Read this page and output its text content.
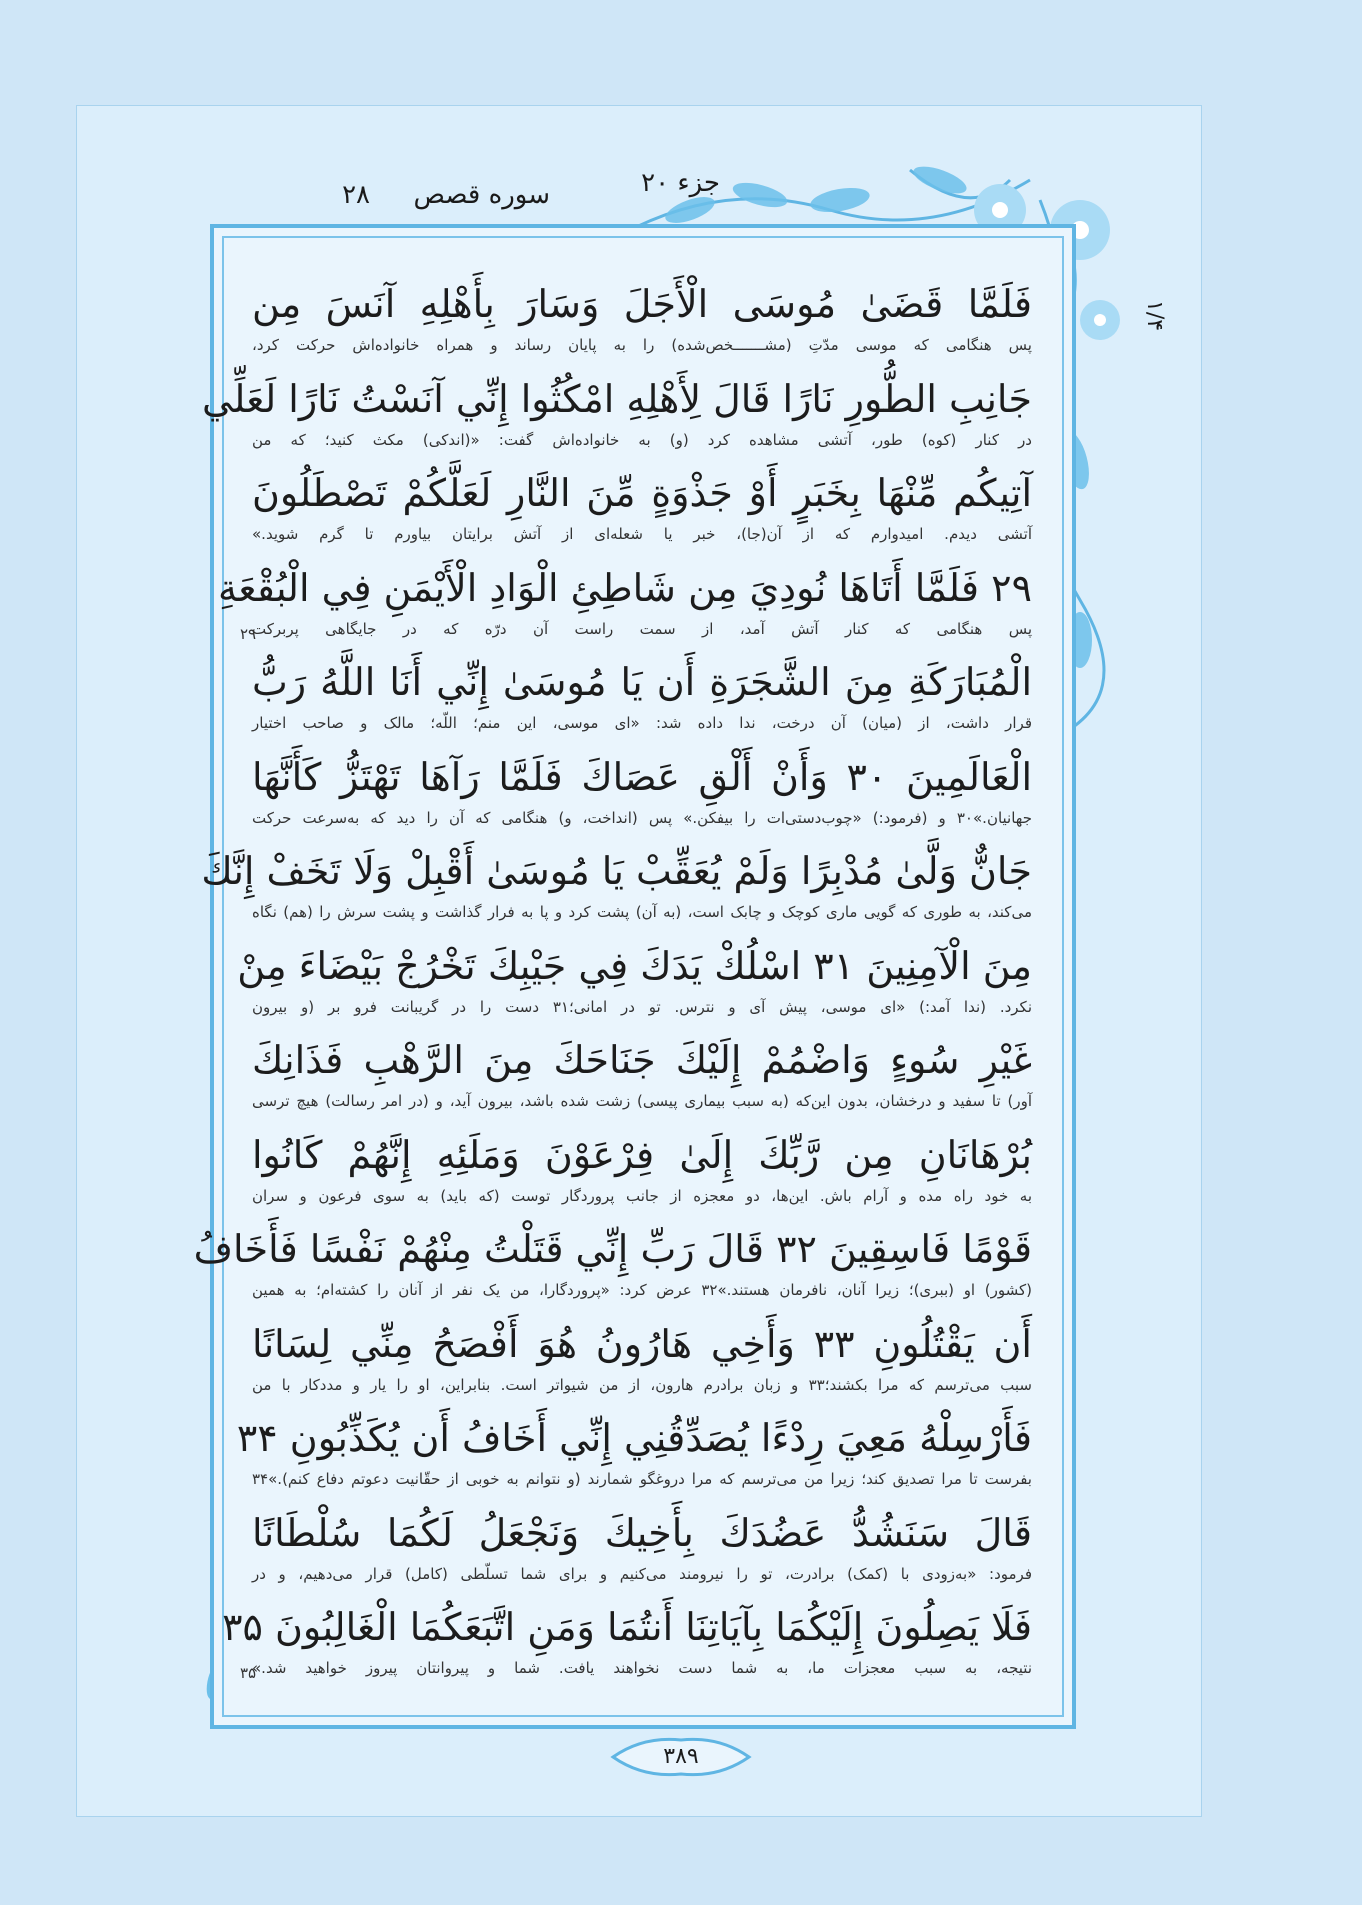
جزء ۲۰
سوره قصص
۲۸
۱/۴
فَلَمَّا قَضَىٰ مُوسَى الْأَجَلَ وَسَارَ بِأَهْلِهِ آنَسَ مِن
پس هنگامی که موسی مدّتِ (مشـــــــخص‌شده) را به پایان رساند و همراه خانواده‌اش حرکت کرد،
جَانِبِ الطُّورِ نَارًا قَالَ لِأَهْلِهِ امْكُثُوا إِنِّي آنَسْتُ نَارًا لَعَلِّي
در کنار (کوه) طور، آتشی مشاهده کرد (و) به خانواده‌اش گفت: «(اندکی) مکث کنید؛ که من
آتِيكُم مِّنْهَا بِخَبَرٍ أَوْ جَذْوَةٍ مِّنَ النَّارِ لَعَلَّكُمْ تَصْطَلُونَ
آتشی دیدم. امیدوارم که از آن(جا)، خبر یا شعله‌ای از آتش برایتان بیاورم تا گرم شوید.»
۲۹ فَلَمَّا أَتَاهَا نُودِيَ مِن شَاطِئِ الْوَادِ الْأَيْمَنِ فِي الْبُقْعَةِ
پس هنگامی که کنار آتش آمد، از سمت راست آن درّه که در جایگاهی پربرکت
۲۹
الْمُبَارَكَةِ مِنَ الشَّجَرَةِ أَن يَا مُوسَىٰ إِنِّي أَنَا اللَّهُ رَبُّ
قرار داشت، از (میان) آن درخت، ندا داده شد: «ای موسی، این منم؛ اللّه؛ مالک و صاحب اختیار
الْعَالَمِينَ ۳۰ وَأَنْ أَلْقِ عَصَاكَ فَلَمَّا رَآهَا تَهْتَزُّ كَأَنَّهَا
جهانیان.»۳۰ و (فرمود:) «چوب‌دستی‌ات را بیفکن.» پس (انداخت، و) هنگامی که آن را دید که به‌سرعت حرکت
جَانٌّ وَلَّىٰ مُدْبِرًا وَلَمْ يُعَقِّبْ يَا مُوسَىٰ أَقْبِلْ وَلَا تَخَفْ إِنَّكَ
می‌کند، به طوری که گویی ماری کوچک و چابک است، (به آن) پشت کرد و پا به فرار گذاشت و پشت سرش را (هم) نگاه
مِنَ الْآمِنِينَ ۳۱ اسْلُكْ يَدَكَ فِي جَيْبِكَ تَخْرُجْ بَيْضَاءَ مِنْ
نکرد. (ندا آمد:) «ای موسی، پیش آی و نترس. تو در امانی؛۳۱ دست را در گریبانت فرو بر (و بیرون
غَيْرِ سُوءٍ وَاضْمُمْ إِلَيْكَ جَنَاحَكَ مِنَ الرَّهْبِ فَذَانِكَ
آور) تا سفید و درخشان، بدون این‌که (به سبب بیماری پیسی) زشت شده باشد، بیرون آید، و (در امر رسالت) هیچ ترسی
بُرْهَانَانِ مِن رَّبِّكَ إِلَىٰ فِرْعَوْنَ وَمَلَئِهِ إِنَّهُمْ كَانُوا
به خود راه مده و آرام باش. این‌ها، دو معجزه از جانب پروردگار توست (که باید) به سوی فرعون و سران
قَوْمًا فَاسِقِينَ ۳۲ قَالَ رَبِّ إِنِّي قَتَلْتُ مِنْهُمْ نَفْسًا فَأَخَافُ
(کشور) او (ببری)؛ زیرا آنان، نافرمان هستند.»۳۲ عرض کرد: «پروردگارا، من یک نفر از آنان را کشته‌ام؛ به همین
أَن يَقْتُلُونِ ۳۳ وَأَخِي هَارُونُ هُوَ أَفْصَحُ مِنِّي لِسَانًا
سبب می‌ترسم که مرا بکشند؛۳۳ و زبان برادرم هارون، از من شیواتر است. بنابراین، او را یار و مددکار با من
فَأَرْسِلْهُ مَعِيَ رِدْءًا يُصَدِّقُنِي إِنِّي أَخَافُ أَن يُكَذِّبُونِ ۳۴
بفرست تا مرا تصدیق کند؛ زیرا من می‌ترسم که مرا دروغگو شمارند (و نتوانم به خوبی از حقّانیت دعوتم دفاع کنم).»۳۴
قَالَ سَنَشُدُّ عَضُدَكَ بِأَخِيكَ وَنَجْعَلُ لَكُمَا سُلْطَانًا
فرمود: «به‌زودی با (کمک) برادرت، تو را نیرومند می‌کنیم و برای شما تسلّطی (کامل) قرار می‌دهیم، و در
فَلَا يَصِلُونَ إِلَيْكُمَا بِآيَاتِنَا أَنتُمَا وَمَنِ اتَّبَعَكُمَا الْغَالِبُونَ ۳۵
نتیجه، به سبب معجزات ما، به شما دست نخواهند یافت. شما و پیروانتان پیروز خواهید شد.»
۳۵
۳۸۹
